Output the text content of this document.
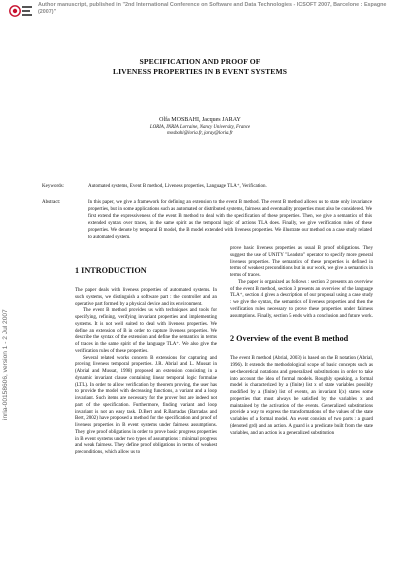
Author manuscript, published in "2nd International Conference on Software and Data Technologies - ICSOFT 2007, Barcelone : Espagne (2007)"
inria-00158606, version 1 - 2 Jul 2007
SPECIFICATION AND PROOF OF
LIVENESS PROPERTIES IN B EVENT SYSTEMS
Olfa MOSBAHI, Jacques JARAY
LORIA, INRIA Lorraine, Nancy University, France
mosbahi@loria.fr, jaray@loria.fr
Keywords:	Automated systems, Event B method, Liveness properties, Language TLA⁺, Verification.
Abstract:	In this paper, we give a framework for defining an extension to the event B method. The event B method allows us to state only invariance properties, but in some applications such as automated or distributed systems, fairness and eventuality properties must also be considered. We first extend the expressiveness of the event B method to deal with the specification of these properties. Then, we give a semantics of this extended syntax over traces, in the same spirit as the temporal logic of actions TLA does. Finally, we give verification rules of these properties. We denote by temporal B model, the B model extended with liveness properties. We illustrate our method on a case study related to automated system.
1 INTRODUCTION

The paper deals with liveness properties of automated systems. In such systems, we distinguish a software part : the controller and an operative part formed by a physical device and its environment.

The event B method provides us with techniques and tools for specifying, refining, verifying invariant properties and implementing systems. It is not well suited to deal with liveness properties. We define an extension of B in order to capture liveness properties. We describe the syntax of the extension and define the semantics in terms of traces in the same spirit of the language TLA⁺. We also give the verification rules of these properties.

Several related works concern B extensions for capturing and proving liveness temporal properties. J.R. Abrial and L. Mussat in (Abrial and Mussat, 1998) proposed an extension consisting in a dynamic invariant clause containing linear temporal logic formulae (LTL). In order to allow verification by theorem proving, the user has to provide the model with decreasing functions, a variant and a loop invariant. Such items are necessary for the prover but are indeed not part of the specification. Furthermore, finding variant and loop invariant is not an easy task. D.Bert and R.Barradas (Barradas and Bert, 2002) have proposed a method for the specification and proof of liveness properties in B event systems under fairness assumptions. They give proof obligations in order to prove basic progress properties in B event systems under two types of assumptions : minimal progress and weak fairness. They define proof obligations in terms of weakest preconditions, which allow us to

prove basic liveness properties as usual B proof obligations. They suggest the use of UNITY "Leadsto" operator to specify more general liveness properties. The semantics of these properties is defined in terms of weakest preconditions but in our work, we give a semantics in terms of traces.

The paper is organized as follows : section 2 presents an overview of the event B method, section 3 presents an overview of the language TLA⁺, section 4 gives a description of our proposal using a case study : we give the syntax, the semantics of liveness properties and then the verification rules necessary to prove these properties under fairness assumptions. Finally, section 5 ends with a conclusion and future work.

2 Overview of the event B method

The event B method (Abrial, 2003) is based on the B notation (Abrial, 1996). It extends the methodological scope of basic concepts such as set-theoretical notations and generalized substitutions in order to take into account the idea of formal models. Roughly speaking, a formal model is characterized by a (finite) list x of state variables possibly modified by a (finite) list of events, an invariant I(x) states some properties that must always be satisfied by the variables x and maintained by the activation of the events. Generalized substitutions provide a way to express the transformations of the values of the state variables of a formal model. An event consists of two parts : a guard (denoted grd) and an action. A guard is a predicate built from the state variables, and an action is a generalized substitution
